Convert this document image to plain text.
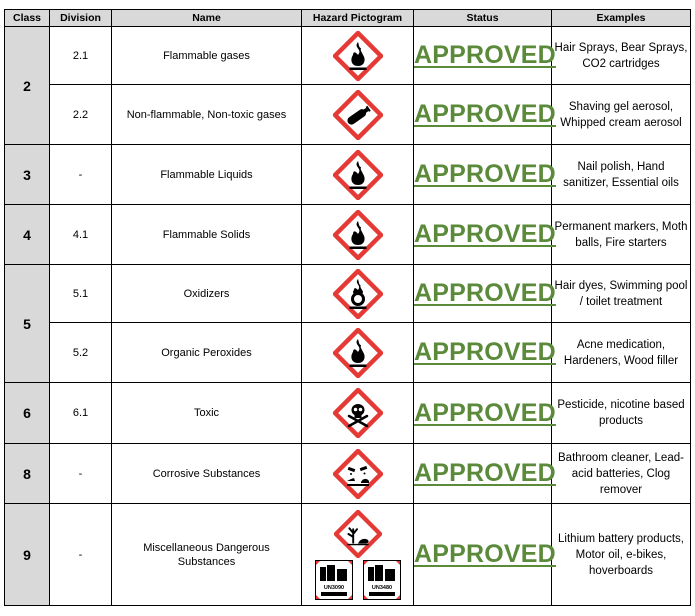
Class	Division	Name	Hazard Pictogram	Status	Examples
2	2.1	Flammable gases		APPROVED	Hair Sprays, Bear Sprays, CO2 cartridges
	2.2	Non-flammable, Non-toxic gases		APPROVED	Shaving gel aerosol, Whipped cream aerosol
3	-	Flammable Liquids		APPROVED	Nail polish, Hand sanitizer, Essential oils
4	4.1	Flammable Solids		APPROVED	Permanent markers, Moth balls, Fire starters
5	5.1	Oxidizers		APPROVED	Hair dyes, Swimming pool / toilet treatment
	5.2	Organic Peroxides		APPROVED	Acne medication, Hardeners, Wood filler
6	6.1	Toxic		APPROVED	Pesticide, nicotine based products
8	-	Corrosive Substances		APPROVED	Bathroom cleaner, Lead-acid batteries, Clog remover
9	-	Miscellaneous Dangerous Substances	UN3090 UN3480	APPROVED	Lithium battery products, Motor oil, e-bikes, hoverboards
